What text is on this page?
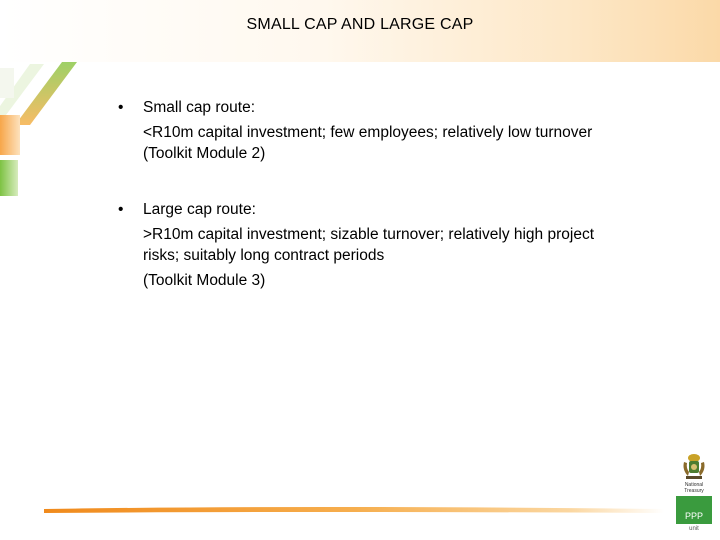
SMALL CAP AND LARGE CAP
•	Small cap route:
<R10m capital investment; few employees; relatively low turnover
(Toolkit Module 2)
•	Large cap route:
>R10m capital investment; sizable turnover; relatively high project
risks; suitably long contract periods
(Toolkit Module 3)
National
Treasury
PPP
unit
